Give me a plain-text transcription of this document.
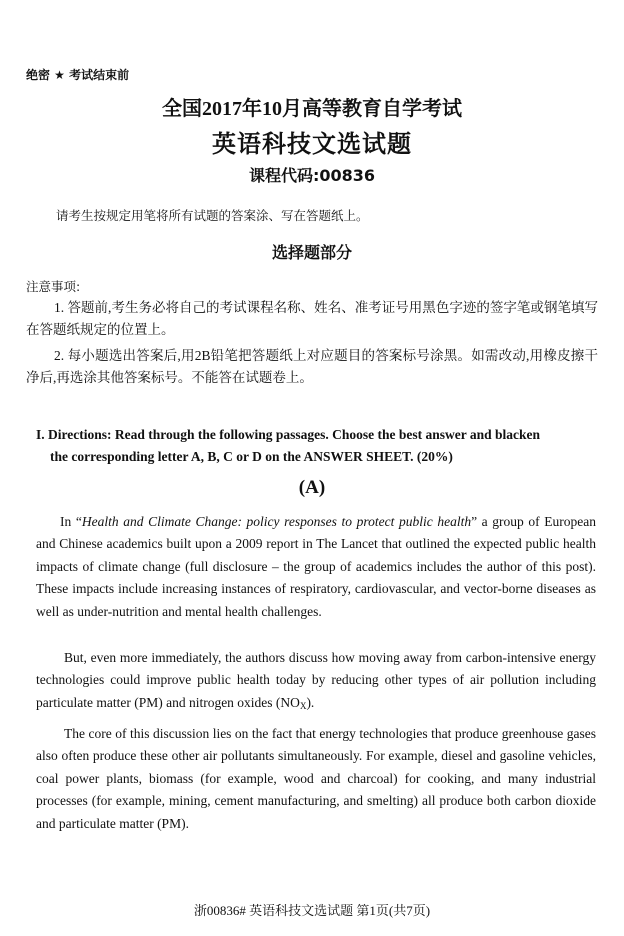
绝密 ★ 考试结束前
全国2017年10月高等教育自学考试
英语科技文选试题
课程代码:00836
请考生按规定用笔将所有试题的答案涂、写在答题纸上。
选择题部分
注意事项:
1. 答题前,考生务必将自己的考试课程名称、姓名、准考证号用黑色字迹的签字笔或钢笔填写在答题纸规定的位置上。
2. 每小题选出答案后,用2B铅笔把答题纸上对应题目的答案标号涂黑。如需改动,用橡皮擦干净后,再选涂其他答案标号。不能答在试题卷上。
I. Directions: Read through the following passages. Choose the best answer and blacken
the corresponding letter A, B, C or D on the ANSWER SHEET. (20%)
(A)
In “Health and Climate Change: policy responses to protect public health” a group of European and Chinese academics built upon a 2009 report in The Lancet that outlined the expected public health impacts of climate change (full disclosure – the group of academics includes the author of this post). These impacts include increasing instances of respiratory, cardiovascular, and vector-borne diseases as well as under-nutrition and mental health challenges.
But, even more immediately, the authors discuss how moving away from carbon-intensive energy technologies could improve public health today by reducing other types of air pollution including particulate matter (PM) and nitrogen oxides $(NO_X)$.
The core of this discussion lies on the fact that energy technologies that produce greenhouse gases also often produce these other air pollutants simultaneously. For example, diesel and gasoline vehicles, coal power plants, biomass (for example, wood and charcoal) for cooking, and many industrial processes (for example, mining, cement manufacturing, and smelting) all produce both carbon dioxide and particulate matter (PM).
浙00836# 英语科技文选试题 第1页(共7页)
